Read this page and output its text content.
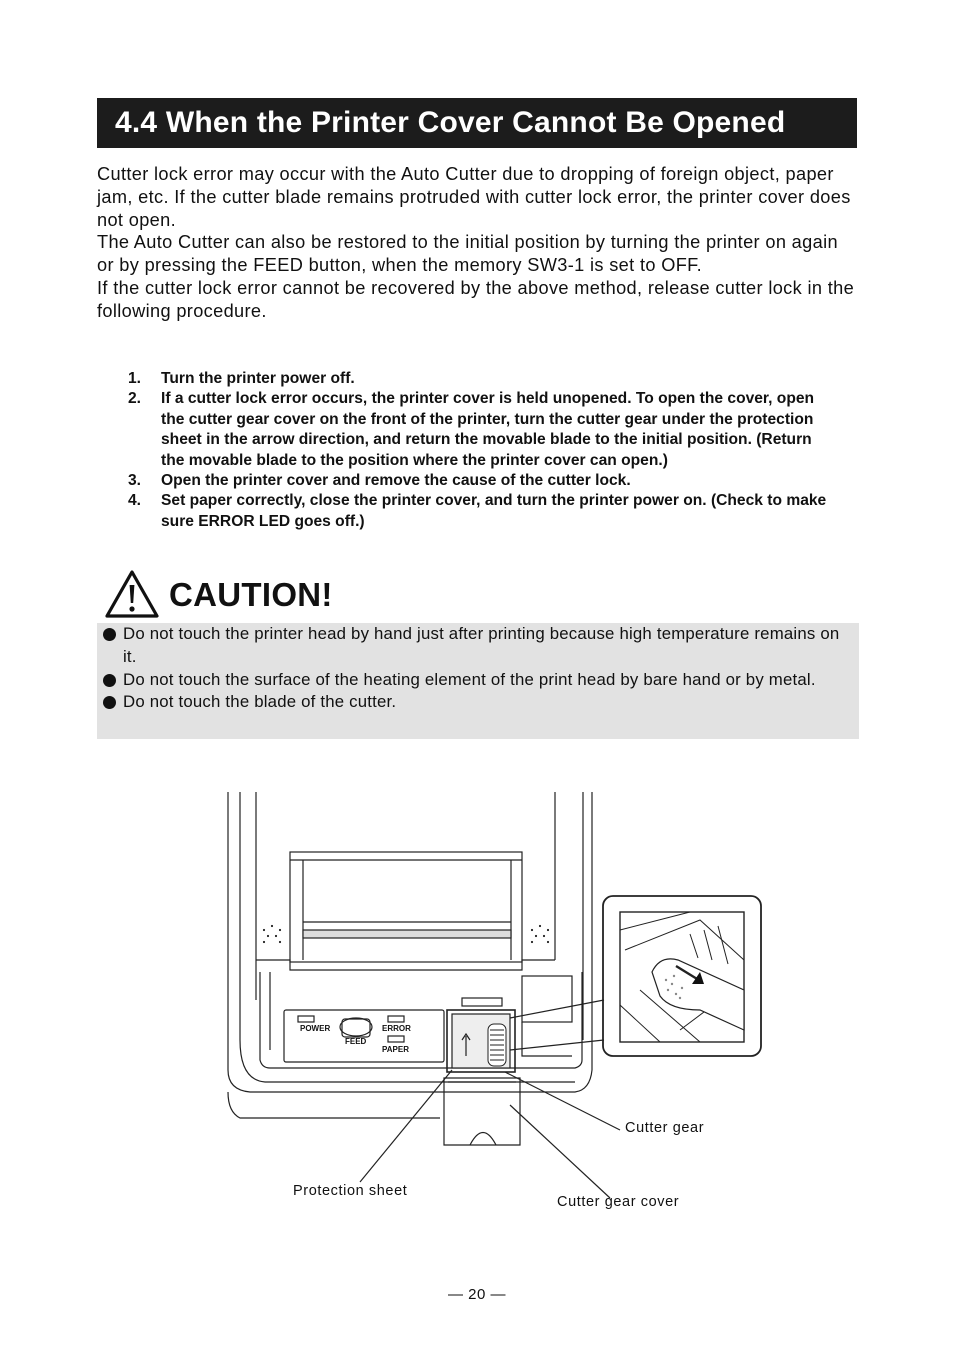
4.4 When the Printer Cover Cannot Be Opened

Cutter lock error may occur with the Auto Cutter due to dropping of foreign object, paper jam, etc. If the cutter blade remains protruded with cutter lock error, the printer cover does not open.

The Auto Cutter can also be restored to the initial position by turning the printer on again or by pressing the FEED button, when the memory SW3-1 is set to OFF.

If the cutter lock error cannot be recovered by the above method, release cutter lock in the following procedure.

1. Turn the printer power off.
2. If a cutter lock error occurs, the printer cover is held unopened. To open the cover, open the cutter gear cover on the front of the printer, turn the cutter gear under the protection sheet in the arrow direction, and return the movable blade to the initial position. (Return the movable blade to the position where the printer cover can open.)
3. Open the printer cover and remove the cause of the cutter lock.
4. Set paper correctly, close the printer cover, and turn the printer power on. (Check to make sure ERROR LED goes off.)
CAUTION!
Do not touch the printer head by hand just after printing because high temperature remains on it.
Do not touch the surface of the heating element of the print head by bare hand or by metal.
Do not touch the blade of the cutter.
POWER
FEED
ERROR
PAPER
Cutter gear
Protection sheet
Cutter gear cover
— 20 —
